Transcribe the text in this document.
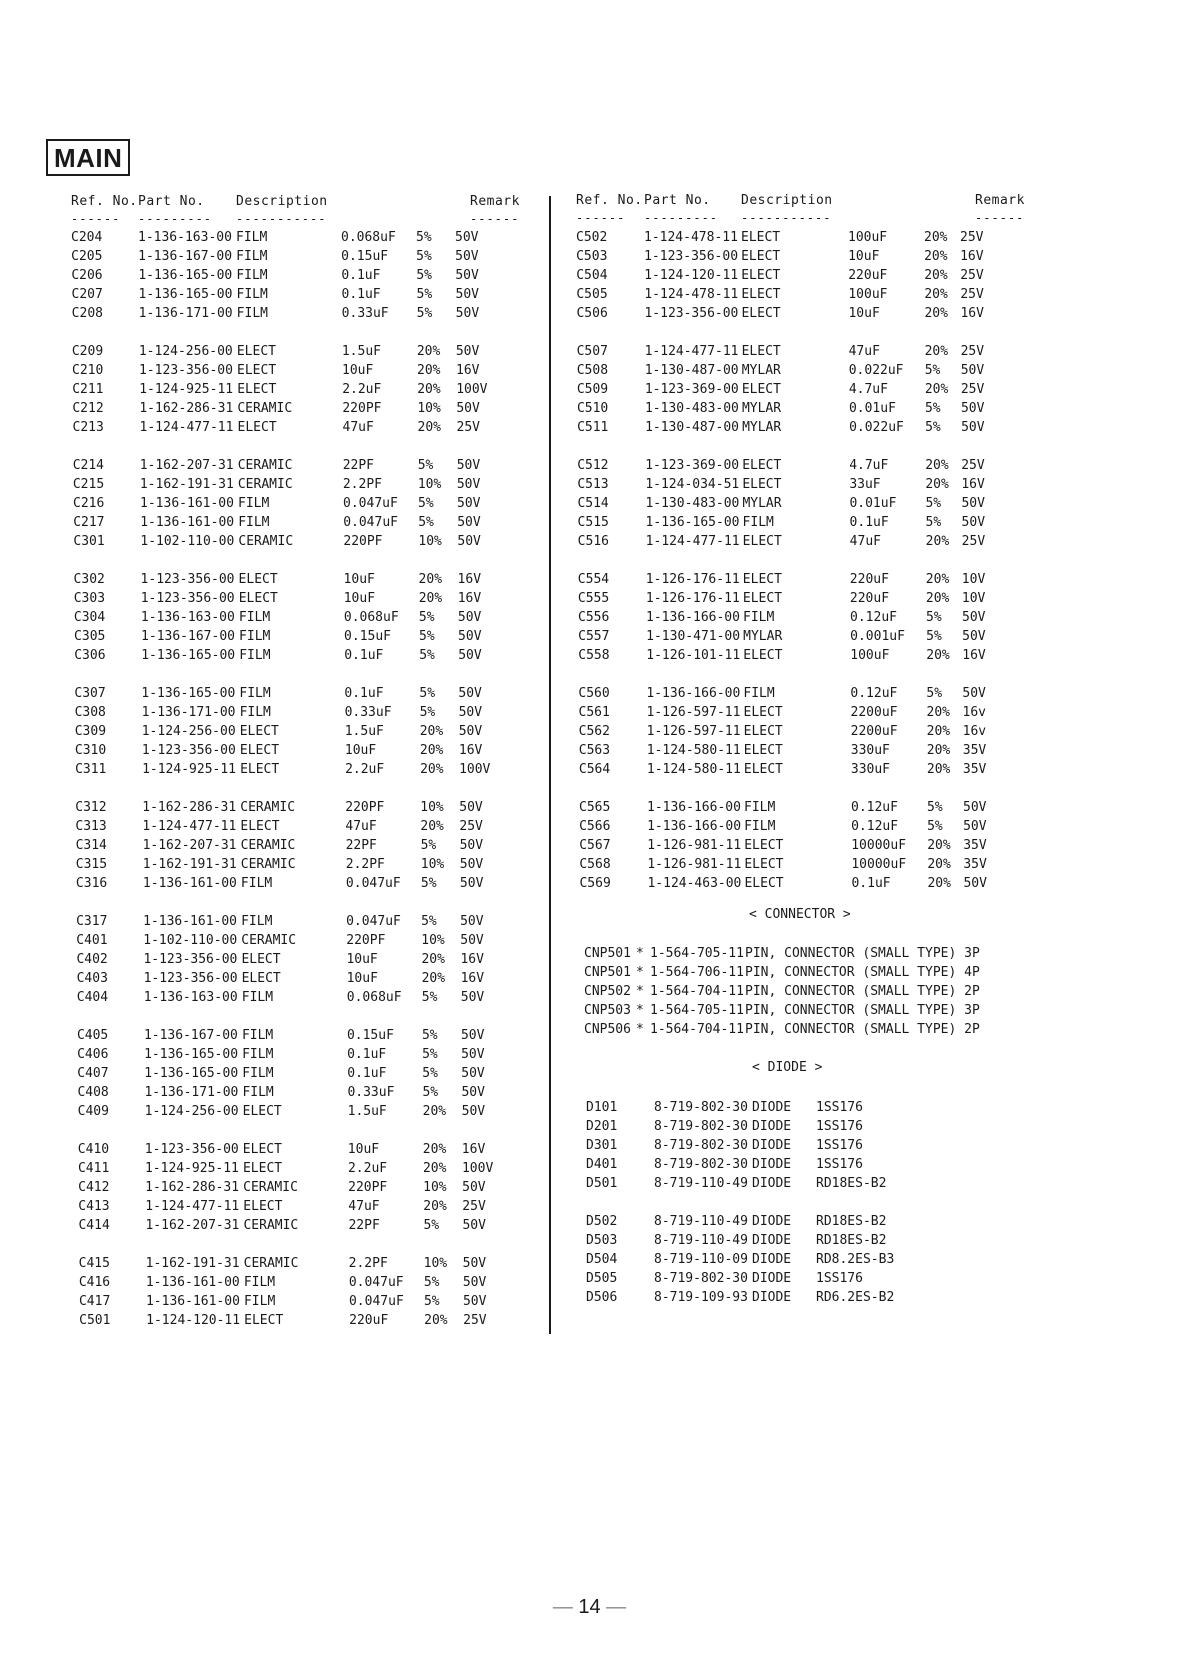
MAIN
Ref. No. Part No. Description	Remark
------ --------- -----------	------
Ref. No. Part No. Description	Remark
------ --------- -----------	------
C204	1-136-163-00 FILM	0.068uF 5% 50V
C205	1-136-167-00 FILM	0.15uF 5% 50V
C206	1-136-165-00 FILM	0.1uF	5% 50V
C207	1-136-165-00 FILM	0.1uF	5% 50V
C208	1-136-171-00 FILM	0.33uF 5% 50V
C209	1-124-256-00 ELECT	1.5uF	20% 50V
C210	1-123-356-00 ELECT	10uF	20% 16V
C211	1-124-925-11 ELECT	2.2uF	20% 100V
C212	1-162-286-31 CERAMIC	220PF	10% 50V
C213	1-124-477-11 ELECT	47uF	20% 25V
C214	1-162-207-31 CERAMIC	22PF	5% 50V
C215	1-162-191-31 CERAMIC	2.2PF	10% 50V
C216	1-136-161-00 FILM	0.047uF 5% 50V
C217	1-136-161-00 FILM	0.047uF 5% 50V
C301	1-102-110-00 CERAMIC	220PF	10% 50V
C302	1-123-356-00 ELECT	10uF	20% 16V
C303	1-123-356-00 ELECT	10uF	20% 16V
C304	1-136-163-00 FILM	0.068uF 5% 50V
C305	1-136-167-00 FILM	0.15uF 5% 50V
C306	1-136-165-00 FILM	0.1uF	5% 50V
C307	1-136-165-00 FILM	0.1uF	5% 50V
C308	1-136-171-00 FILM	0.33uF 5% 50V
C309	1-124-256-00 ELECT	1.5uF	20% 50V
C310	1-123-356-00 ELECT	10uF	20% 16V
C311	1-124-925-11 ELECT	2.2uF	20% 100V
C312	1-162-286-31 CERAMIC	220PF	10% 50V
C313	1-124-477-11 ELECT	47uF	20% 25V
C314	1-162-207-31 CERAMIC	22PF	5% 50V
C315	1-162-191-31 CERAMIC	2.2PF	10% 50V
C316	1-136-161-00 FILM	0.047uF 5% 50V
C317	1-136-161-00 FILM	0.047uF 5% 50V
C401	1-102-110-00 CERAMIC	220PF	10% 50V
C402	1-123-356-00 ELECT	10uF	20% 16V
C403	1-123-356-00 ELECT	10uF	20% 16V
C404	1-136-163-00 FILM	0.068uF 5% 50V
C405	1-136-167-00 FILM	0.15uF 5% 50V
C406	1-136-165-00 FILM	0.1uF	5% 50V
C407	1-136-165-00 FILM	0.1uF	5% 50V
C408	1-136-171-00 FILM	0.33uF 5% 50V
C409	1-124-256-00 ELECT	1.5uF	20% 50V
C410	1-123-356-00 ELECT	10uF	20% 16V
C411	1-124-925-11 ELECT	2.2uF	20% 100V
C412	1-162-286-31 CERAMIC	220PF	10% 50V
C413	1-124-477-11 ELECT	47uF	20% 25V
C414	1-162-207-31 CERAMIC	22PF	5% 50V
C415	1-162-191-31 CERAMIC	2.2PF	10% 50V
C416	1-136-161-00 FILM	0.047uF 5% 50V
C417	1-136-161-00 FILM	0.047uF 5% 50V
C501	1-124-120-11 ELECT	220uF	20% 25V
C502	1-124-478-11 ELECT	100uF	20% 25V
C503	1-123-356-00 ELECT	10uF	20% 16V
C504	1-124-120-11 ELECT	220uF	20% 25V
C505	1-124-478-11 ELECT	100uF	20% 25V
C506	1-123-356-00 ELECT	10uF	20% 16V
C507	1-124-477-11 ELECT	47uF	20% 25V
C508	1-130-487-00 MYLAR	0.022uF 5% 50V
C509	1-123-369-00 ELECT	4.7uF	20% 25V
C510	1-130-483-00 MYLAR	0.01uF 5% 50V
C511	1-130-487-00 MYLAR	0.022uF 5% 50V
C512	1-123-369-00 ELECT	4.7uF	20% 25V
C513	1-124-034-51 ELECT	33uF	20% 16V
C514	1-130-483-00 MYLAR	0.01uF 5% 50V
C515	1-136-165-00 FILM	0.1uF	5% 50V
C516	1-124-477-11 ELECT	47uF	20% 25V
C554	1-126-176-11 ELECT	220uF	20% 10V
C555	1-126-176-11 ELECT	220uF	20% 10V
C556	1-136-166-00 FILM	0.12uF 5% 50V
C557	1-130-471-00 MYLAR	0.001uF 5% 50V
C558	1-126-101-11 ELECT	100uF	20% 16V
C560	1-136-166-00 FILM	0.12uF 5% 50V
C561	1-126-597-11 ELECT	2200uF 20% 16v
C562	1-126-597-11 ELECT	2200uF 20% 16v
C563	1-124-580-11 ELECT	330uF	20% 35V
C564	1-124-580-11 ELECT	330uF	20% 35V
C565	1-136-166-00 FILM	0.12uF 5% 50V
C566	1-136-166-00 FILM	0.12uF 5% 50V
C567	1-126-981-11 ELECT	10000uF 20% 35V
C568	1-126-981-11 ELECT	10000uF 20% 35V
C569	1-124-463-00 ELECT	0.1uF	20% 50V
< CONNECTOR >
CNP501 * 1-564-705-11 PIN, CONNECTOR (SMALL TYPE) 3P
CNP501 * 1-564-706-11 PIN, CONNECTOR (SMALL TYPE) 4P
CNP502 * 1-564-704-11 PIN, CONNECTOR (SMALL TYPE) 2P
CNP503 * 1-564-705-11 PIN, CONNECTOR (SMALL TYPE) 3P
CNP506 * 1-564-704-11 PIN, CONNECTOR (SMALL TYPE) 2P
< DIODE >
D101	8-719-802-30 DIODE 1SS176
D201	8-719-802-30 DIODE 1SS176
D301	8-719-802-30 DIODE 1SS176
D401	8-719-802-30 DIODE 1SS176
D501	8-719-110-49 DIODE RD18ES-B2
D502	8-719-110-49 DIODE RD18ES-B2
D503	8-719-110-49 DIODE RD18ES-B2
D504	8-719-110-09 DIODE RD8.2ES-B3
D505	8-719-802-30 DIODE 1SS176
D506	8-719-109-93 DIODE RD6.2ES-B2
— 14 —
